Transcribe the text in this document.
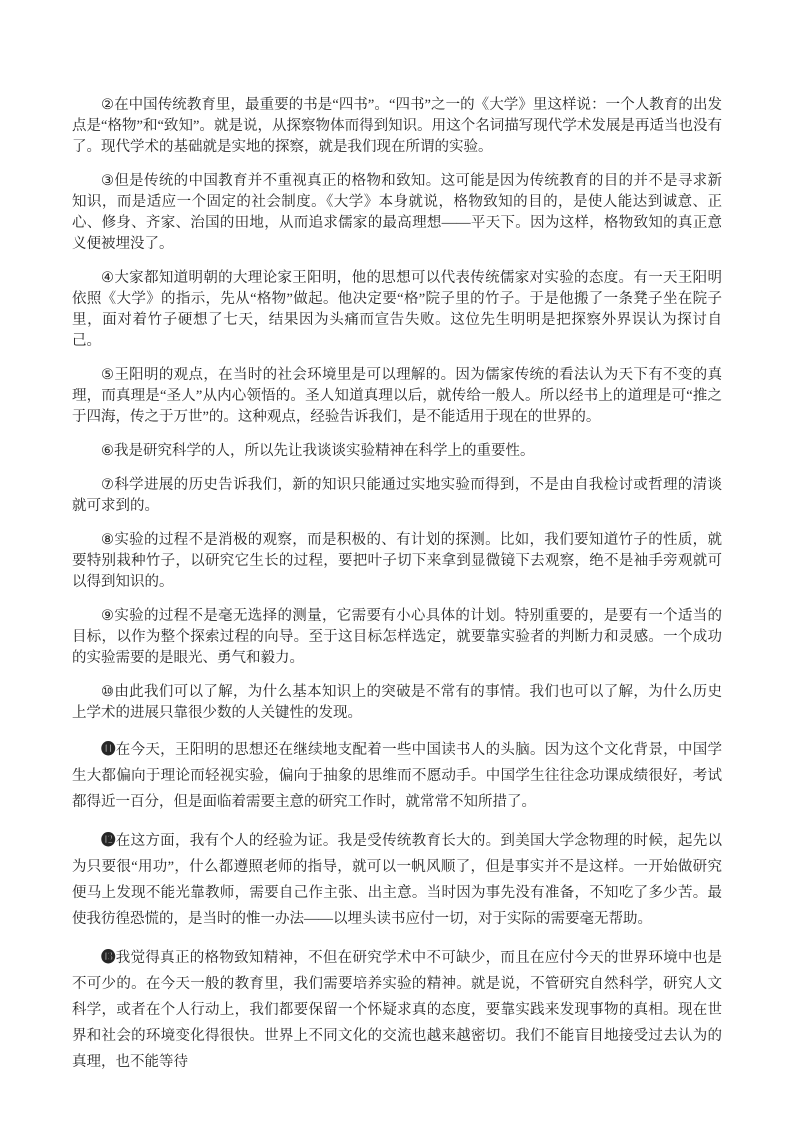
②在中国传统教育里，最重要的书是“四书”。“四书”之一的《大学》里这样说：一个人教育的出发点是“格物”和“致知”。就是说，从探察物体而得到知识。用这个名词描写现代学术发展是再适当也没有了。现代学术的基础就是实地的探察，就是我们现在所谓的实验。

③但是传统的中国教育并不重视真正的格物和致知。这可能是因为传统教育的目的并不是寻求新知识，而是适应一个固定的社会制度。《大学》本身就说，格物致知的目的，是使人能达到诚意、正心、修身、齐家、治国的田地，从而追求儒家的最高理想——平天下。因为这样，格物致知的真正意义便被埋没了。

④大家都知道明朝的大理论家王阳明，他的思想可以代表传统儒家对实验的态度。有一天王阳明依照《大学》的指示，先从“格物”做起。他决定要“格”院子里的竹子。于是他搬了一条凳子坐在院子里，面对着竹子硬想了七天，结果因为头痛而宣告失败。这位先生明明是把探察外界误认为探讨自己。

⑤王阳明的观点，在当时的社会环境里是可以理解的。因为儒家传统的看法认为天下有不变的真理，而真理是“圣人”从内心领悟的。圣人知道真理以后，就传给一般人。所以经书上的道理是可“推之于四海，传之于万世”的。这种观点，经验告诉我们，是不能适用于现在的世界的。

⑥我是研究科学的人，所以先让我谈谈实验精神在科学上的重要性。

⑦科学进展的历史告诉我们，新的知识只能通过实地实验而得到，不是由自我检讨或哲理的清谈就可求到的。

⑧实验的过程不是消极的观察，而是积极的、有计划的探测。比如，我们要知道竹子的性质，就要特别栽种竹子，以研究它生长的过程，要把叶子切下来拿到显微镜下去观察，绝不是袖手旁观就可以得到知识的。

⑨实验的过程不是毫无选择的测量，它需要有小心具体的计划。特别重要的，是要有一个适当的目标，以作为整个探索过程的向导。至于这目标怎样选定，就要靠实验者的判断力和灵感。一个成功的实验需要的是眼光、勇气和毅力。

⑩由此我们可以了解，为什么基本知识上的突破是不常有的事情。我们也可以了解，为什么历史上学术的进展只靠很少数的人关键性的发现。

⓫在今天，王阳明的思想还在继续地支配着一些中国读书人的头脑。因为这个文化背景，中国学生大都偏向于理论而轻视实验，偏向于抽象的思维而不愿动手。中国学生往往念功课成绩很好，考试都得近一百分，但是面临着需要主意的研究工作时，就常常不知所措了。

⓬在这方面，我有个人的经验为证。我是受传统教育长大的。到美国大学念物理的时候，起先以为只要很“用功”，什么都遵照老师的指导，就可以一帆风顺了，但是事实并不是这样。一开始做研究便马上发现不能光靠教师，需要自己作主张、出主意。当时因为事先没有准备，不知吃了多少苦。最使我彷徨恐慌的，是当时的惟一办法——以埋头读书应付一切，对于实际的需要毫无帮助。

⓭我觉得真正的格物致知精神，不但在研究学术中不可缺少，而且在应付今天的世界环境中也是不可少的。在今天一般的教育里，我们需要培养实验的精神。就是说，不管研究自然科学，研究人文科学，或者在个人行动上，我们都要保留一个怀疑求真的态度，要靠实践来发现事物的真相。现在世界和社会的环境变化得很快。世界上不同文化的交流也越来越密切。我们不能盲目地接受过去认为的真理，也不能等待
